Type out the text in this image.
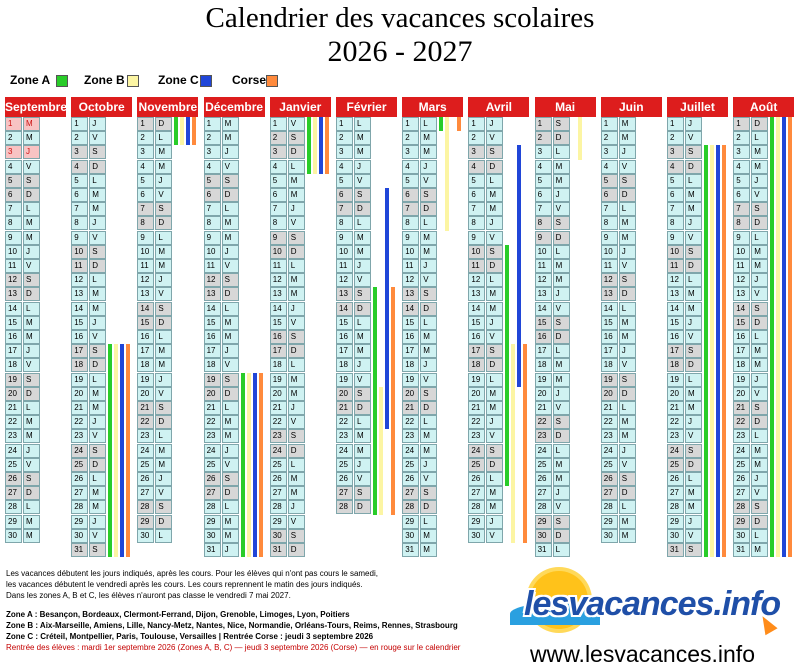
Calendrier des vacances scolaires
2026 - 2027
Zone A	Zone B	Zone C	Corse
Septembre
1	M
2	M
3	J
4	V
5	S
6	D
7	L
8	M
9	M
10	J
11	V
12	S
13	D
14	L
15	M
16	M
17	J
18	V
19	S
20	D
21	L
22	M
23	M
24	J
25	V
26	S
27	D
28	L
29	M
30	M
Octobre
1	J
2	V
3	S
4	D
5	L
6	M
7	M
8	J
9	V
10	S
11	D
12	L
13	M
14	M
15	J
16	V
17	S
18	D
19	L
20	M
21	M
22	J
23	V
24	S
25	D
26	L
27	M
28	M
29	J
30	V
31	S
Novembre
1	D
2	L
3	M
4	M
5	J
6	V
7	S
8	D
9	L
10	M
11	M
12	J
13	V
14	S
15	D
16	L
17	M
18	M
19	J
20	V
21	S
22	D
23	L
24	M
25	M
26	J
27	V
28	S
29	D
30	L
Décembre
1	M
2	M
3	J
4	V
5	S
6	D
7	L
8	M
9	M
10	J
11	V
12	S
13	D
14	L
15	M
16	M
17	J
18	V
19	S
20	D
21	L
22	M
23	M
24	J
25	V
26	S
27	D
28	L
29	M
30	M
31	J
Janvier
1	V
2	S
3	D
4	L
5	M
6	M
7	J
8	V
9	S
10	D
11	L
12	M
13	M
14	J
15	V
16	S
17	D
18	L
19	M
20	M
21	J
22	V
23	S
24	D
25	L
26	M
27	M
28	J
29	V
30	S
31	D
Février
1	L
2	M
3	M
4	J
5	V
6	S
7	D
8	L
9	M
10	M
11	J
12	V
13	S
14	D
15	L
16	M
17	M
18	J
19	V
20	S
21	D
22	L
23	M
24	M
25	J
26	V
27	S
28	D
Mars
1	L
2	M
3	M
4	J
5	V
6	S
7	D
8	L
9	M
10	M
11	J
12	V
13	S
14	D
15	L
16	M
17	M
18	J
19	V
20	S
21	D
22	L
23	M
24	M
25	J
26	V
27	S
28	D
29	L
30	M
31	M
Avril
1	J
2	V
3	S
4	D
5	L
6	M
7	M
8	J
9	V
10	S
11	D
12	L
13	M
14	M
15	J
16	V
17	S
18	D
19	L
20	M
21	M
22	J
23	V
24	S
25	D
26	L
27	M
28	M
29	J
30	V
Mai
1	S
2	D
3	L
4	M
5	M
6	J
7	V
8	S
9	D
10	L
11	M
12	M
13	J
14	V
15	S
16	D
17	L
18	M
19	M
20	J
21	V
22	S
23	D
24	L
25	M
26	M
27	J
28	V
29	S
30	D
31	L
Juin
1	M
2	M
3	J
4	V
5	S
6	D
7	L
8	M
9	M
10	J
11	V
12	S
13	D
14	L
15	M
16	M
17	J
18	V
19	S
20	D
21	L
22	M
23	M
24	J
25	V
26	S
27	D
28	L
29	M
30	M
Juillet
1	J
2	V
3	S
4	D
5	L
6	M
7	M
8	J
9	V
10	S
11	D
12	L
13	M
14	M
15	J
16	V
17	S
18	D
19	L
20	M
21	M
22	J
23	V
24	S
25	D
26	L
27	M
28	M
29	J
30	V
31	S
Août
1	D
2	L
3	M
4	M
5	J
6	V
7	S
8	D
9	L
10	M
11	M
12	J
13	V
14	S
15	D
16	L
17	M
18	M
19	J
20	V
21	S
22	D
23	L
24	M
25	M
26	J
27	V
28	S
29	D
30	L
31	M
Les vacances débutent les jours indiqués, après les cours. Pour les élèves qui n'ont pas cours le samedi,
les vacances débutent le vendredi après les cours. Les cours reprennent le matin des jours indiqués.
Dans les zones A, B et C, les élèves n'auront pas classe le vendredi 7 mai 2027.
Zone A : Besançon, Bordeaux, Clermont-Ferrand, Dijon, Grenoble, Limoges, Lyon, Poitiers
Zone B : Aix-Marseille, Amiens, Lille, Nancy-Metz, Nantes, Nice, Normandie, Orléans-Tours, Reims, Rennes, Strasbourg
Zone C : Créteil, Montpellier, Paris, Toulouse, Versailles | Rentrée Corse : jeudi 3 septembre 2026
Rentrée des élèves : mardi 1er septembre 2026 (Zones A, B, C) — jeudi 3 septembre 2026 (Corse) — en rouge sur le calendrier
lesvacances.info
www.lesvacances.info
